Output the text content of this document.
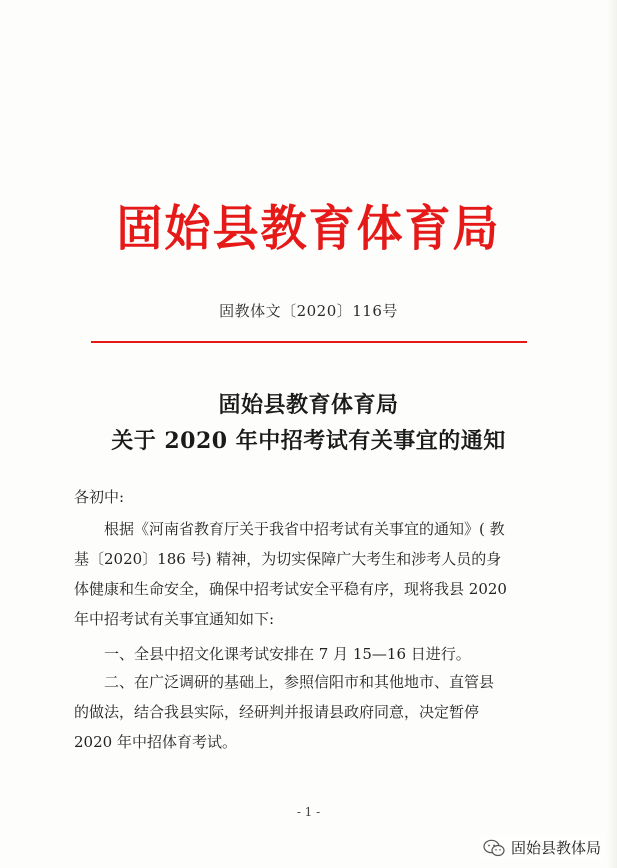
固始县教育体育局
固教体文〔2020〕116号
固始县教育体育局
关于 2020 年中招考试有关事宜的通知
各初中:
　　根据《河南省教育厅关于我省中招考试有关事宜的通知》( 教
基〔2020〕186 号) 精神，为切实保障广大考生和涉考人员的身
体健康和生命安全，确保中招考试安全平稳有序，现将我县 2020
年中招考试有关事宜通知如下:
　　一、全县中招文化课考试安排在 7 月 15—16 日进行。
　　二、在广泛调研的基础上，参照信阳市和其他地市、直管县
的做法，结合我县实际，经研判并报请县政府同意，决定暂停
2020 年中招体育考试。
- 1 -
固始县教体局
